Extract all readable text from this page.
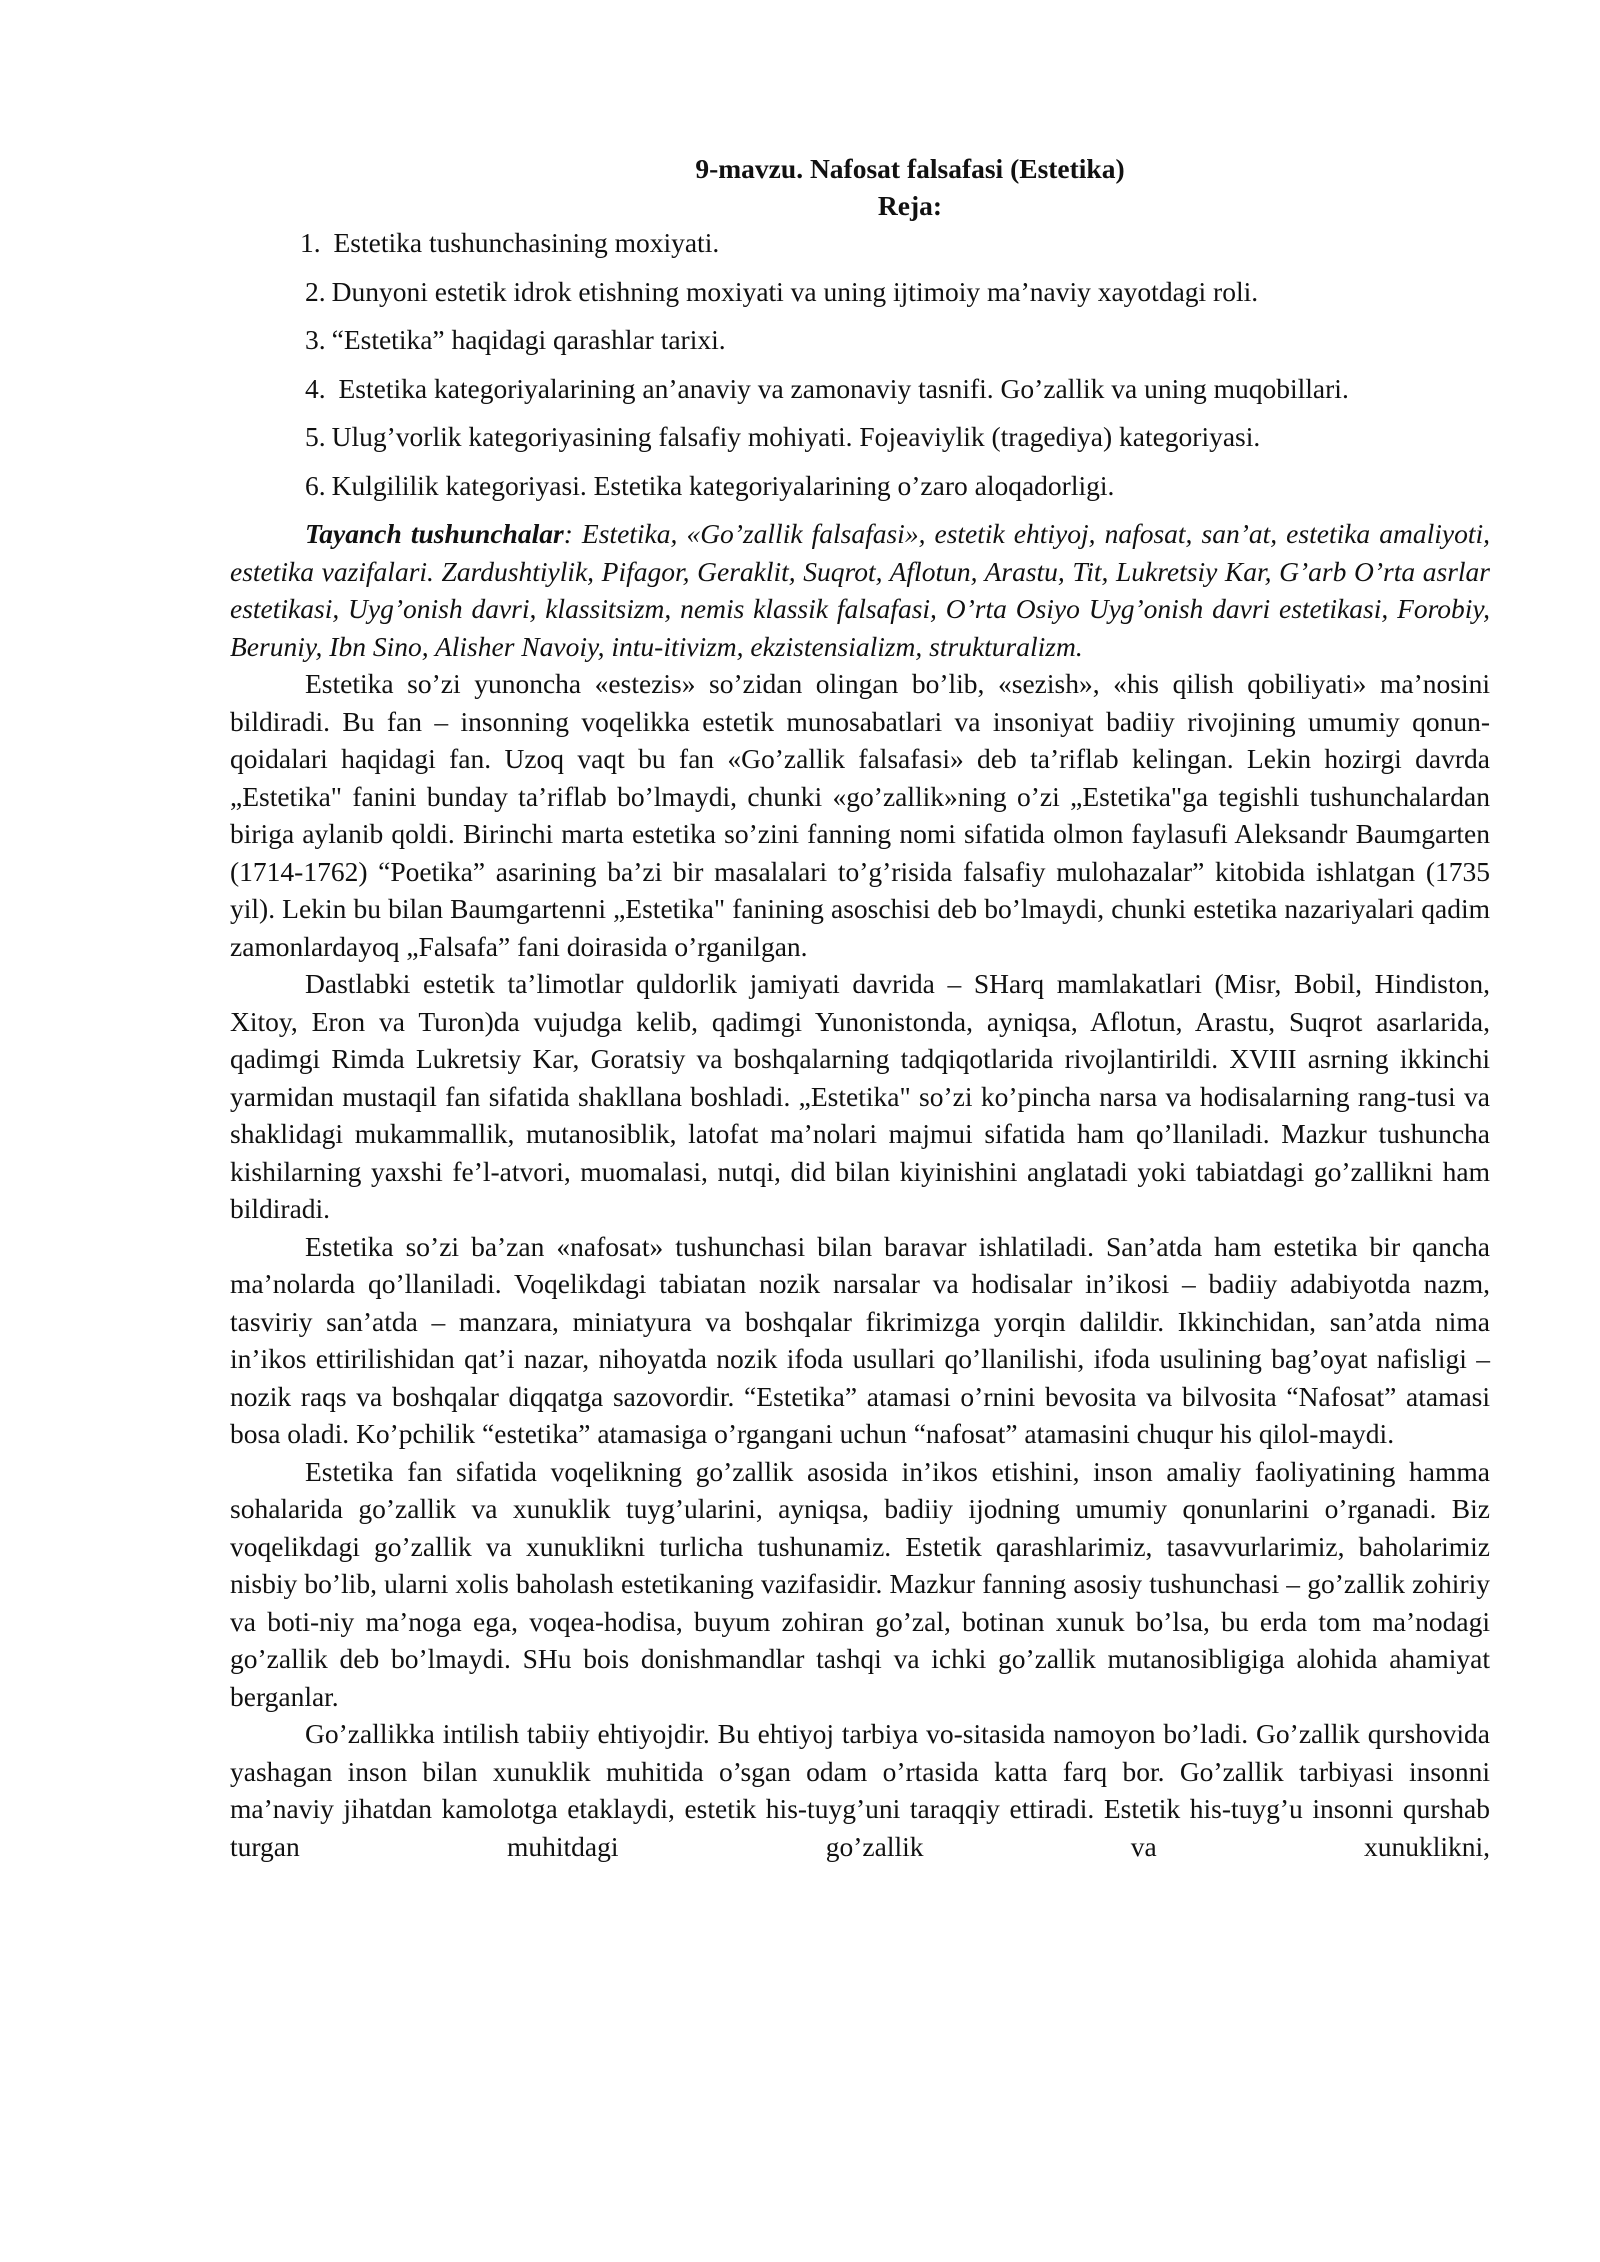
9-mavzu. Nafosat falsafasi (Estetika)
Reja:
1. Estetika tushunchasining moxiyati.
2. Dunyoni estetik idrok etishning moxiyati va uning ijtimoiy ma’naviy xayotdagi roli.
3. “Estetika” haqidagi qarashlar tarixi.
4. Estetika kategoriyalarining an’anaviy va zamonaviy tasnifi. Go’zallik va uning muqobillari.
5. Ulug’vorlik kategoriyasining falsafiy mohiyati. Fojeaviylik (tragediya) kategoriyasi.
6. Kulgililik kategoriyasi. Estetika kategoriyalarining o’zaro aloqadorligi.

Tayanch tushunchalar: Estetika, «Go’zallik falsafasi», estetik ehtiyoj, nafosat, san’at, estetika amaliyoti, estetika vazifalari. Zardushtiylik, Pifagor, Geraklit, Suqrot, Aflotun, Arastu, Tit, Lukretsiy Kar, G’arb O’rta asrlar estetikasi, Uyg’onish davri, klassitsizm, nemis klassik falsafasi, O’rta Osiyo Uyg’onish davri estetikasi, Forobiy, Beruniy, Ibn Sino, Alisher Navoiy, intu-itivizm, ekzistensializm, strukturalizm.

Estetika so’zi yunoncha «estezis» so’zidan olingan bo’lib, «sezish», «his qilish qobiliyati» ma’nosini bildiradi. Bu fan – insonning voqelikka estetik munosabatlari va insoniyat badiiy rivojining umumiy qonun-qoidalari haqidagi fan. Uzoq vaqt bu fan «Go’zallik falsafasi» deb ta’riflab kelingan. Lekin hozirgi davrda „Estetika" fanini bunday ta’riflab bo’lmaydi, chunki «go’zallik»ning o’zi „Estetika"ga tegishli tushunchalardan biriga aylanib qoldi. Birinchi marta estetika so’zini fanning nomi sifatida olmon faylasufi Aleksandr Baumgarten (1714-1762) “Poetika” asarining ba’zi bir masalalari to’g’risida falsafiy mulohazalar” kitobida ishlatgan (1735 yil). Lekin bu bilan Baumgartenni „Estetika" fanining asoschisi deb bo’lmaydi, chunki estetika nazariyalari qadim zamonlardayoq „Falsafa” fani doirasida o’rganilgan.

Dastlabki estetik ta’limotlar quldorlik jamiyati davrida – SHarq mamlakatlari (Misr, Bobil, Hindiston, Xitoy, Eron va Turon)da vujudga kelib, qadimgi Yunonistonda, ayniqsa, Aflotun, Arastu, Suqrot asarlarida, qadimgi Rimda Lukretsiy Kar, Goratsiy va boshqalarning tadqiqotlarida rivojlantirildi. XVIII asrning ikkinchi yarmidan mustaqil fan sifatida shakllana boshladi. „Estetika" so’zi ko’pincha narsa va hodisalarning rang-tusi va shaklidagi mukammallik, mutanosiblik, latofat ma’nolari majmui sifatida ham qo’llaniladi. Mazkur tushuncha kishilarning yaxshi fe’l-atvori, muomalasi, nutqi, did bilan kiyinishini anglatadi yoki tabiatdagi go’zallikni ham bildiradi.

Estetika so’zi ba’zan «nafosat» tushunchasi bilan baravar ishlatiladi. San’atda ham estetika bir qancha ma’nolarda qo’llaniladi. Voqelikdagi tabiatan nozik narsalar va hodisalar in’ikosi – badiiy adabiyotda nazm, tasviriy san’atda – manzara, miniatyura va boshqalar fikrimizga yorqin dalildir. Ikkinchidan, san’atda nima in’ikos ettirilishidan qat’i nazar, nihoyatda nozik ifoda usullari qo’llanilishi, ifoda usulining bag’oyat nafisligi – nozik raqs va boshqalar diqqatga sazovordir. “Estetika” atamasi o’rnini bevosita va bilvosita “Nafosat” atamasi bosa oladi. Ko’pchilik “estetika” atamasiga o’rgangani uchun “nafosat” atamasini chuqur his qilol-maydi.

Estetika fan sifatida voqelikning go’zallik asosida in’ikos etishini, inson amaliy faoliyatining hamma sohalarida go’zallik va xunuklik tuyg’ularini, ayniqsa, badiiy ijodning umumiy qonunlarini o’rganadi. Biz voqelikdagi go’zallik va xunuklikni turlicha tushunamiz. Estetik qarashlarimiz, tasavvurlarimiz, baholarimiz nisbiy bo’lib, ularni xolis baholash estetikaning vazifasidir. Mazkur fanning asosiy tushunchasi – go’zallik zohiriy va boti-niy ma’noga ega, voqea-hodisa, buyum zohiran go’zal, botinan xunuk bo’lsa, bu erda tom ma’nodagi go’zallik deb bo’lmaydi. SHu bois donishmandlar tashqi va ichki go’zallik mutanosibligiga alohida ahamiyat berganlar.

Go’zallikka intilish tabiiy ehtiyojdir. Bu ehtiyoj tarbiya vo-sitasida namoyon bo’ladi. Go’zallik qurshovida yashagan inson bilan xunuklik muhitida o’sgan odam o’rtasida katta farq bor. Go’zallik tarbiyasi insonni ma’naviy jihatdan kamolotga etaklaydi, estetik his-tuyg’uni taraqqiy ettiradi. Estetik his-tuyg’u insonni qurshab turgan muhitdagi go’zallik va xunuklikni,
